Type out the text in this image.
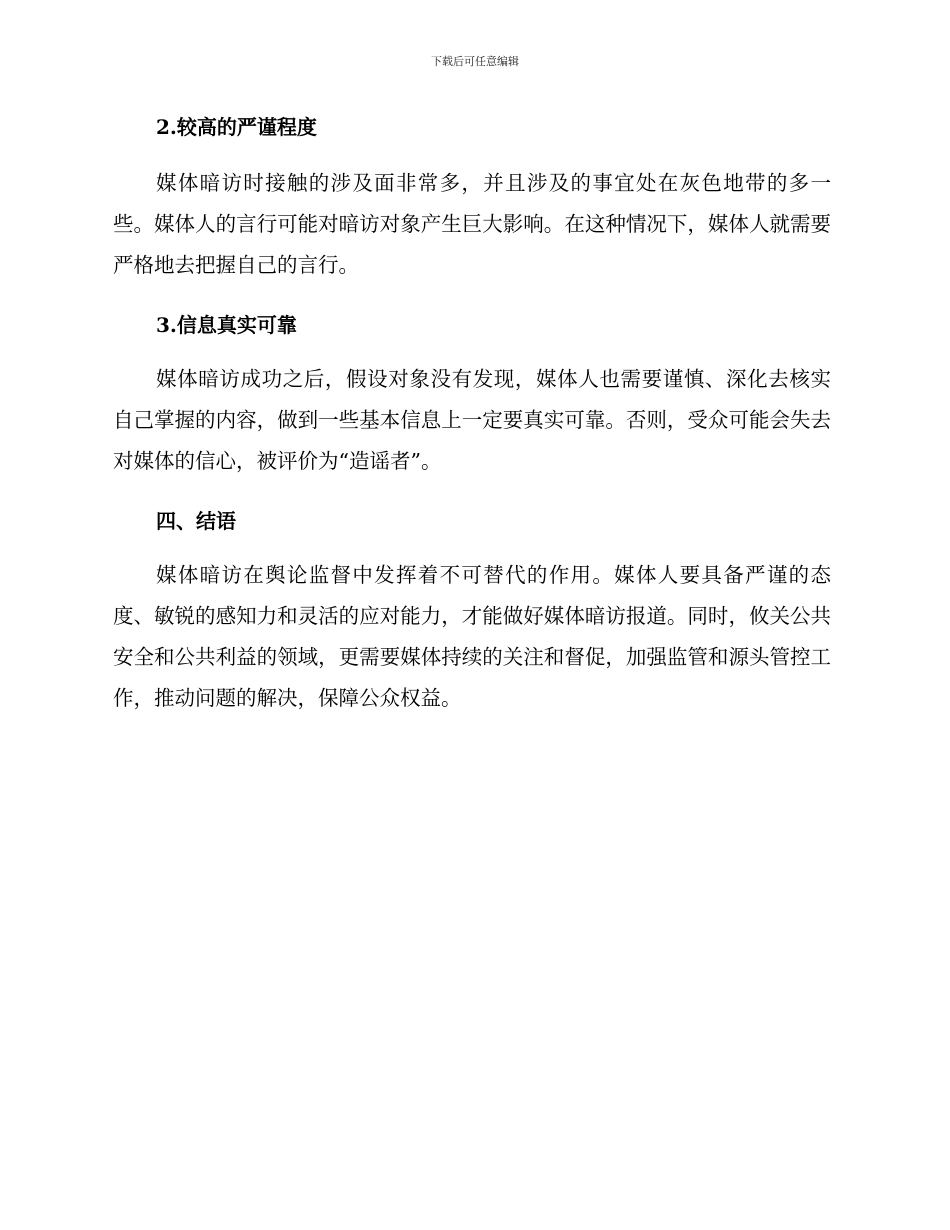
下载后可任意编辑
2.较高的严谨程度

媒体暗访时接触的涉及面非常多，并且涉及的事宜处在灰色地带的多一些。媒体人的言行可能对暗访对象产生巨大影响。在这种情况下，媒体人就需要严格地去把握自己的言行。

3.信息真实可靠

媒体暗访成功之后，假设对象没有发现，媒体人也需要谨慎、深化去核实自己掌握的内容，做到一些基本信息上一定要真实可靠。否则，受众可能会失去对媒体的信心，被评价为“造谣者”。

四、结语

媒体暗访在舆论监督中发挥着不可替代的作用。媒体人要具备严谨的态度、敏锐的感知力和灵活的应对能力，才能做好媒体暗访报道。同时，攸关公共安全和公共利益的领域，更需要媒体持续的关注和督促，加强监管和源头管控工作，推动问题的解决，保障公众权益。
